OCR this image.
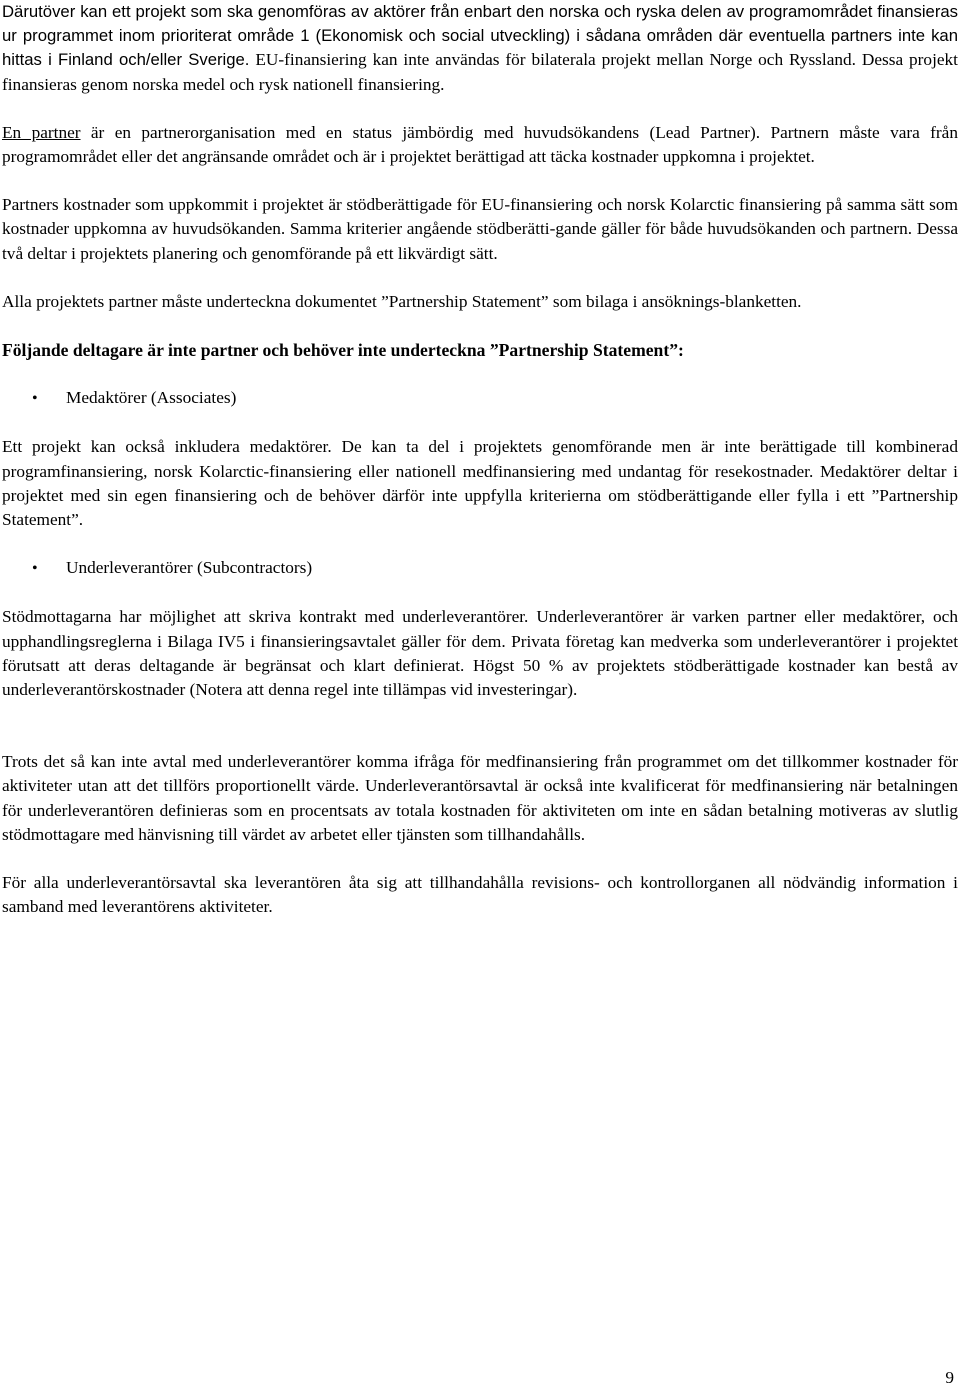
Därutöver kan ett projekt som ska genomföras av aktörer från enbart den norska och ryska delen av programområdet finansieras ur programmet inom prioriterat område 1 (Ekonomisk och social utveckling) i sådana områden där eventuella partners inte kan hittas i Finland och/eller Sverige. EU-finansiering kan inte användas för bilaterala projekt mellan Norge och Ryssland. Dessa projekt finansieras genom norska medel och rysk nationell finansiering.

En partner är en partnerorganisation med en status jämbördig med huvudsökandens (Lead Partner). Partnern måste vara från programområdet eller det angränsande området och är i projektet berättigad att täcka kostnader uppkomna i projektet.

Partners kostnader som uppkommit i projektet är stödberättigade för EU-finansiering och norsk Kolarctic finansiering på samma sätt som kostnader uppkomna av huvudsökanden. Samma kriterier angående stödberätti-gande gäller för både huvudsökanden och partnern. Dessa två deltar i projektets planering och genomförande på ett likvärdigt sätt.

Alla projektets partner måste underteckna dokumentet ”Partnership Statement” som bilaga i ansöknings-blanketten.

Följande deltagare är inte partner och behöver inte underteckna ”Partnership Statement”:

•	Medaktörer (Associates)

Ett projekt kan också inkludera medaktörer. De kan ta del i projektets genomförande men är inte berättigade till kombinerad programfinansiering, norsk Kolarctic-finansiering eller nationell medfinansiering med undantag för resekostnader. Medaktörer deltar i projektet med sin egen finansiering och de behöver därför inte uppfylla kriterierna om stödberättigande eller fylla i ett ”Partnership Statement”.

•	Underleverantörer (Subcontractors)

Stödmottagarna har möjlighet att skriva kontrakt med underleverantörer. Underleverantörer är varken partner eller medaktörer, och upphandlingsreglerna i Bilaga IV5 i finansieringsavtalet gäller för dem. Privata företag kan medverka som underleverantörer i projektet förutsatt att deras deltagande är begränsat och klart definierat. Högst 50 % av projektets stödberättigade kostnader kan bestå av underleverantörskostnader (Notera att denna regel inte tillämpas vid investeringar).

Trots det så kan inte avtal med underleverantörer komma ifråga för medfinansiering från programmet om det tillkommer kostnader för aktiviteter utan att det tillförs proportionellt värde. Underleverantörsavtal är också inte kvalificerat för medfinansiering när betalningen för underleverantören definieras som en procentsats av totala kostnaden för aktiviteten om inte en sådan betalning motiveras av slutlig stödmottagare med hänvisning till värdet av arbetet eller tjänsten som tillhandahålls.

För alla underleverantörsavtal ska leverantören åta sig att tillhandahålla revisions- och kontrollorganen all nödvändig information i samband med leverantörens aktiviteter.

9
